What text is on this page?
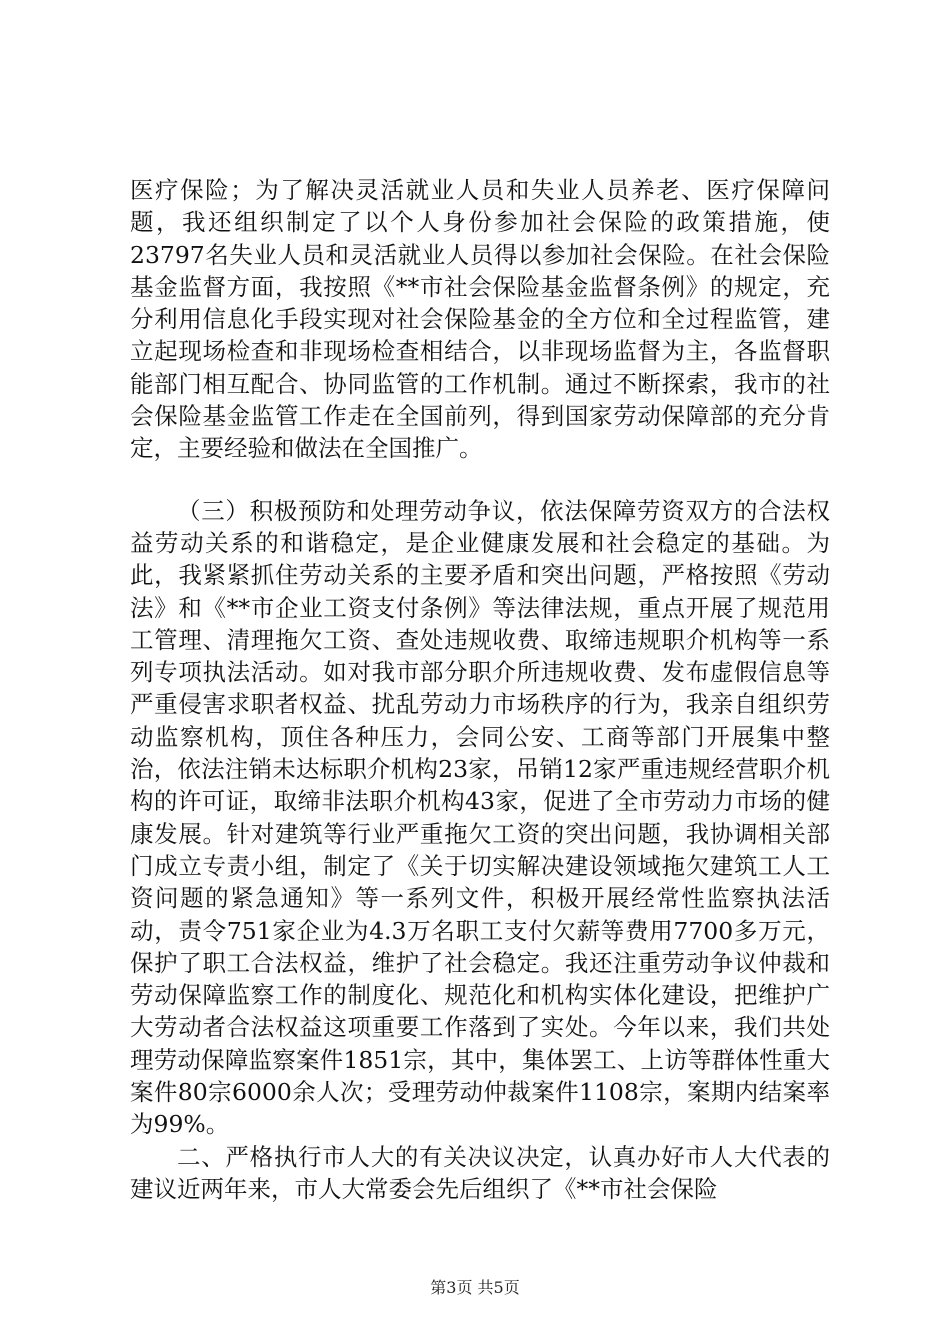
医疗保险；为了解决灵活就业人员和失业人员养老、医疗保障问题，我还组织制定了以个人身份参加社会保险的政策措施，使23797名失业人员和灵活就业人员得以参加社会保险。在社会保险基金监督方面，我按照《**市社会保险基金监督条例》的规定，充分利用信息化手段实现对社会保险基金的全方位和全过程监管，建立起现场检查和非现场检查相结合，以非现场监督为主，各监督职能部门相互配合、协同监管的工作机制。通过不断探索，我市的社会保险基金监管工作走在全国前列，得到国家劳动保障部的充分肯定，主要经验和做法在全国推广。

（三）积极预防和处理劳动争议，依法保障劳资双方的合法权益劳动关系的和谐稳定，是企业健康发展和社会稳定的基础。为此，我紧紧抓住劳动关系的主要矛盾和突出问题，严格按照《劳动法》和《**市企业工资支付条例》等法律法规，重点开展了规范用工管理、清理拖欠工资、查处违规收费、取缔违规职介机构等一系列专项执法活动。如对我市部分职介所违规收费、发布虚假信息等严重侵害求职者权益、扰乱劳动力市场秩序的行为，我亲自组织劳动监察机构，顶住各种压力，会同公安、工商等部门开展集中整治，依法注销未达标职介机构23家，吊销12家严重违规经营职介机构的许可证，取缔非法职介机构43家，促进了全市劳动力市场的健康发展。针对建筑等行业严重拖欠工资的突出问题，我协调相关部门成立专责小组，制定了《关于切实解决建设领域拖欠建筑工人工资问题的紧急通知》等一系列文件，积极开展经常性监察执法活动，责令751家企业为4.3万名职工支付欠薪等费用7700多万元，保护了职工合法权益，维护了社会稳定。我还注重劳动争议仲裁和劳动保障监察工作的制度化、规范化和机构实体化建设，把维护广大劳动者合法权益这项重要工作落到了实处。今年以来，我们共处理劳动保障监察案件1851宗，其中，集体罢工、上访等群体性重大案件80宗6000余人次；受理劳动仲裁案件1108宗，案期内结案率为99%。

二、严格执行市人大的有关决议决定，认真办好市人大代表的建议近两年来，市人大常委会先后组织了《**市社会保险

第3页 共5页
